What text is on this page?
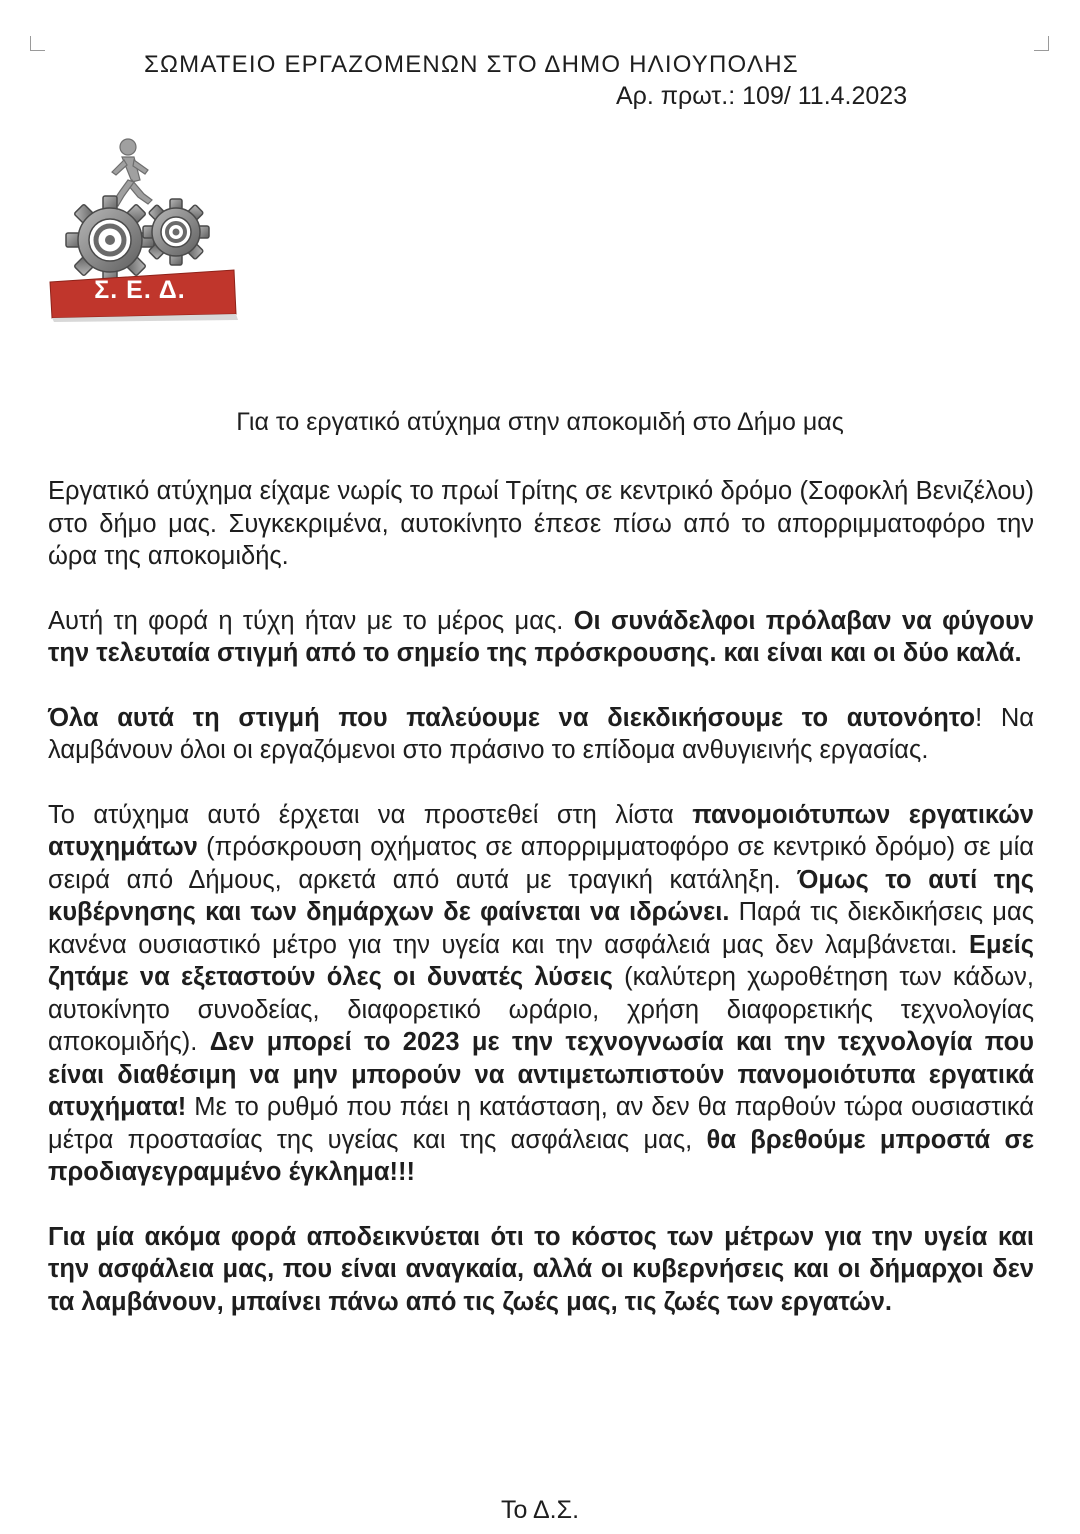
ΣΩΜΑΤΕΙΟ ΕΡΓΑΖΟΜΕΝΩΝ ΣΤΟ ΔΗΜΟ ΗΛΙΟΥΠΟΛΗΣ
Αρ. πρωτ.: 109/ 11.4.2023
Σ. Ε. Δ.
Για το εργατικό ατύχημα στην αποκομιδή στο Δήμο μας

Εργατικό ατύχημα είχαμε νωρίς το πρωί Τρίτης σε κεντρικό δρόμο (Σοφοκλή Βενιζέλου) στο δήμο μας. Συγκεκριμένα, αυτοκίνητο έπεσε πίσω από το απορριμματοφόρο την ώρα της αποκομιδής.

Αυτή τη φορά η τύχη ήταν με το μέρος μας. Οι συνάδελφοι πρόλαβαν να φύγουν την τελευταία στιγμή από το σημείο της πρόσκρουσης. και είναι και οι δύο καλά.

Όλα αυτά τη στιγμή που παλεύουμε να διεκδικήσουμε το αυτονόητο! Να λαμβάνουν όλοι οι εργαζόμενοι στο πράσινο το επίδομα ανθυγιεινής εργασίας.

Το ατύχημα αυτό έρχεται να προστεθεί στη λίστα πανομοιότυπων εργατικών ατυχημάτων (πρόσκρουση οχήματος σε απορριμματοφόρο σε κεντρικό δρόμο) σε μία σειρά από Δήμους, αρκετά από αυτά με τραγική κατάληξη. Όμως το αυτί της κυβέρνησης και των δημάρχων δε φαίνεται να ιδρώνει. Παρά τις διεκδικήσεις μας κανένα ουσιαστικό μέτρο για την υγεία και την ασφάλειά μας δεν λαμβάνεται. Εμείς ζητάμε να εξεταστούν όλες οι δυνατές λύσεις (καλύτερη χωροθέτηση των κάδων, αυτοκίνητο συνοδείας, διαφορετικό ωράριο, χρήση διαφορετικής τεχνολογίας αποκομιδής). Δεν μπορεί το 2023 με την τεχνογνωσία και την τεχνολογία που είναι διαθέσιμη να μην μπορούν να αντιμετωπιστούν πανομοιότυπα εργατικά ατυχήματα! Με το ρυθμό που πάει η κατάσταση, αν δεν θα παρθούν τώρα ουσιαστικά μέτρα προστασίας της υγείας και της ασφάλειας μας, θα βρεθούμε μπροστά σε προδιαγεγραμμένο έγκλημα!!!

Για μία ακόμα φορά αποδεικνύεται ότι το κόστος των μέτρων για την υγεία και την ασφάλεια μας, που είναι αναγκαία, αλλά οι κυβερνήσεις και οι δήμαρχοι δεν τα λαμβάνουν, μπαίνει πάνω από τις ζωές μας, τις ζωές των εργατών.

Το Δ.Σ.
